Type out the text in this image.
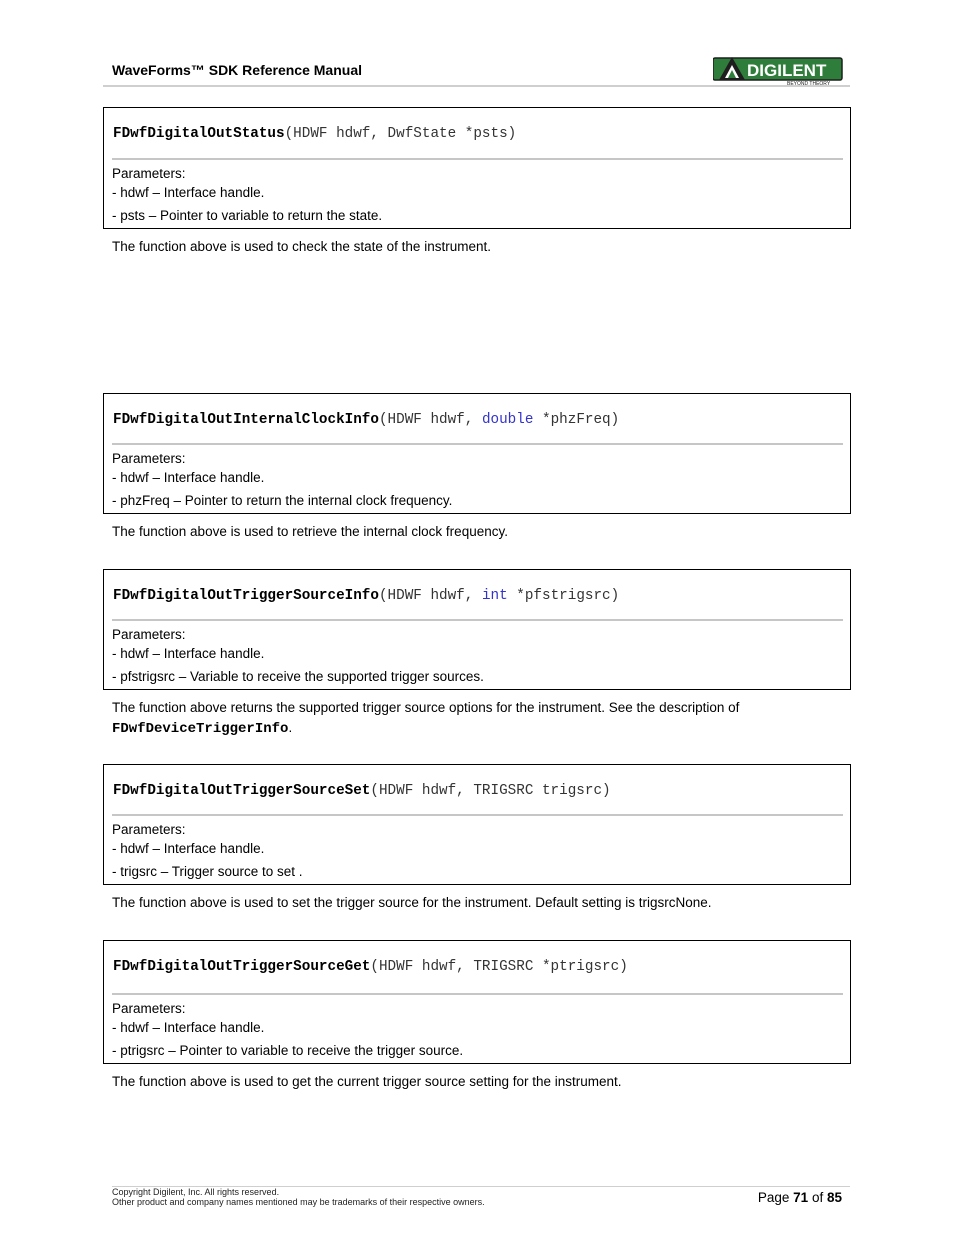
WaveForms™ SDK Reference Manual	DIGILENT
BEYOND THEORY
FDwfDigitalOutStatus(HDWF hdwf, DwfState *psts)
Parameters:
- hdwf – Interface handle.
- psts – Pointer to variable to return the state.
The function above is used to check the state of the instrument.
FDwfDigitalOutInternalClockInfo(HDWF hdwf, double *phzFreq)
Parameters:
- hdwf – Interface handle.
- phzFreq – Pointer to return the internal clock frequency.
The function above is used to retrieve the internal clock frequency.
FDwfDigitalOutTriggerSourceInfo(HDWF hdwf, int *pfstrigsrc)
Parameters:
- hdwf – Interface handle.
- pfstrigsrc – Variable to receive the supported trigger sources.
The function above returns the supported trigger source options for the instrument. See the description of
FDwfDeviceTriggerInfo.
FDwfDigitalOutTriggerSourceSet(HDWF hdwf, TRIGSRC trigsrc)
Parameters:
- hdwf – Interface handle.
- trigsrc – Trigger source to set .
The function above is used to set the trigger source for the instrument. Default setting is trigsrcNone.
FDwfDigitalOutTriggerSourceGet(HDWF hdwf, TRIGSRC *ptrigsrc)
Parameters:
- hdwf – Interface handle.
- ptrigsrc – Pointer to variable to receive the trigger source.
The function above is used to get the current trigger source setting for the instrument.
Copyright Digilent, Inc. All rights reserved.
Other product and company names mentioned may be trademarks of their respective owners.	Page 71 of 85
